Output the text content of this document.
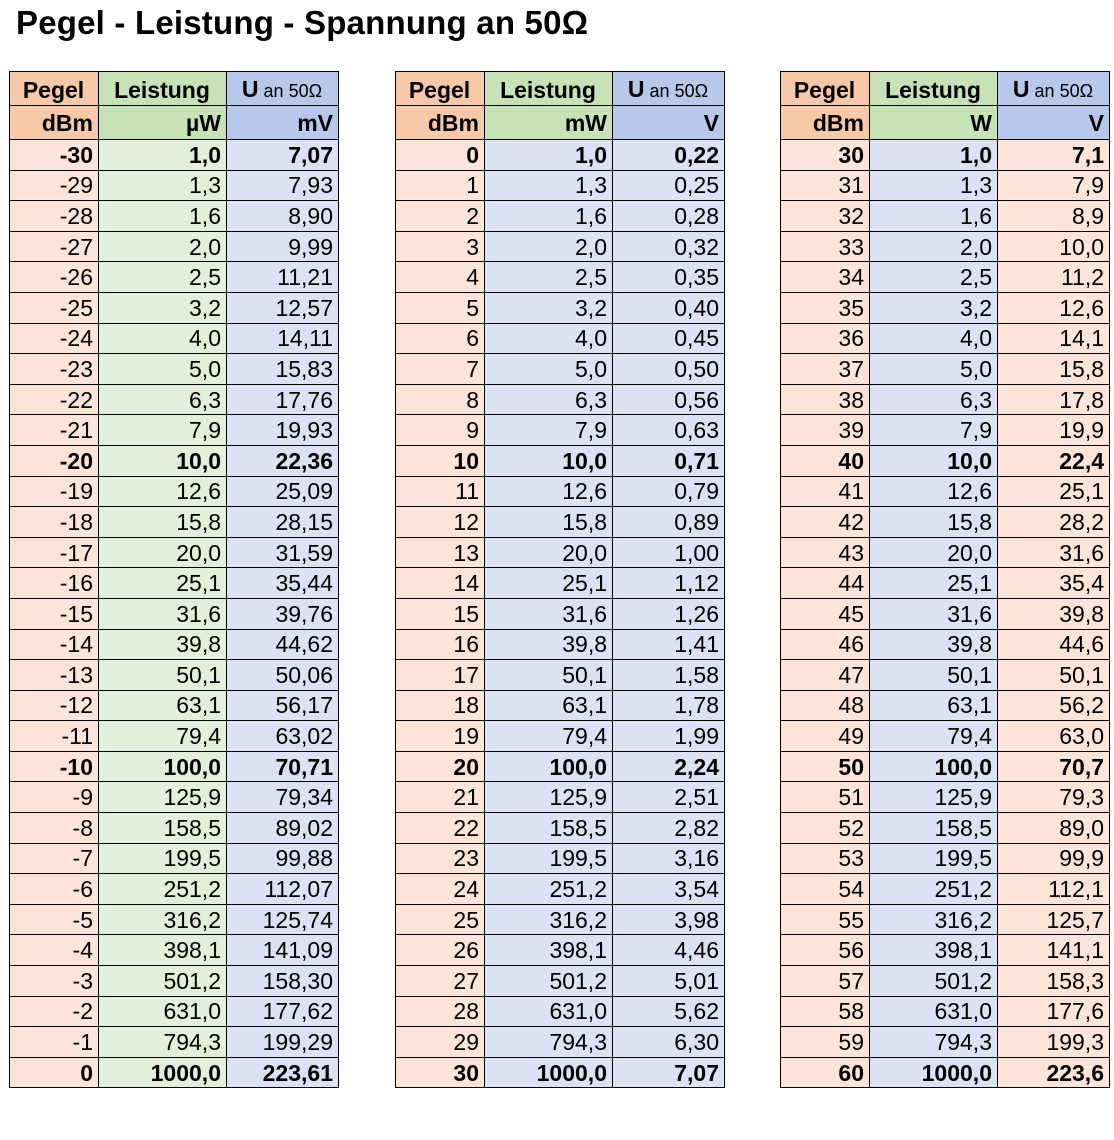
Pegel - Leistung - Spannung an 50Ω
Pegel	Leistung	U an 50Ω
dBm	µW	mV
-30	1,0	7,07
-29	1,3	7,93
-28	1,6	8,90
-27	2,0	9,99
-26	2,5	11,21
-25	3,2	12,57
-24	4,0	14,11
-23	5,0	15,83
-22	6,3	17,76
-21	7,9	19,93
-20	10,0	22,36
-19	12,6	25,09
-18	15,8	28,15
-17	20,0	31,59
-16	25,1	35,44
-15	31,6	39,76
-14	39,8	44,62
-13	50,1	50,06
-12	63,1	56,17
-11	79,4	63,02
-10	100,0	70,71
-9	125,9	79,34
-8	158,5	89,02
-7	199,5	99,88
-6	251,2	112,07
-5	316,2	125,74
-4	398,1	141,09
-3	501,2	158,30
-2	631,0	177,62
-1	794,3	199,29
0	1000,0	223,61
Pegel	Leistung	U an 50Ω
dBm	mW	V
0	1,0	0,22
1	1,3	0,25
2	1,6	0,28
3	2,0	0,32
4	2,5	0,35
5	3,2	0,40
6	4,0	0,45
7	5,0	0,50
8	6,3	0,56
9	7,9	0,63
10	10,0	0,71
11	12,6	0,79
12	15,8	0,89
13	20,0	1,00
14	25,1	1,12
15	31,6	1,26
16	39,8	1,41
17	50,1	1,58
18	63,1	1,78
19	79,4	1,99
20	100,0	2,24
21	125,9	2,51
22	158,5	2,82
23	199,5	3,16
24	251,2	3,54
25	316,2	3,98
26	398,1	4,46
27	501,2	5,01
28	631,0	5,62
29	794,3	6,30
30	1000,0	7,07
Pegel	Leistung	U an 50Ω
dBm	W	V
30	1,0	7,1
31	1,3	7,9
32	1,6	8,9
33	2,0	10,0
34	2,5	11,2
35	3,2	12,6
36	4,0	14,1
37	5,0	15,8
38	6,3	17,8
39	7,9	19,9
40	10,0	22,4
41	12,6	25,1
42	15,8	28,2
43	20,0	31,6
44	25,1	35,4
45	31,6	39,8
46	39,8	44,6
47	50,1	50,1
48	63,1	56,2
49	79,4	63,0
50	100,0	70,7
51	125,9	79,3
52	158,5	89,0
53	199,5	99,9
54	251,2	112,1
55	316,2	125,7
56	398,1	141,1
57	501,2	158,3
58	631,0	177,6
59	794,3	199,3
60	1000,0	223,6
